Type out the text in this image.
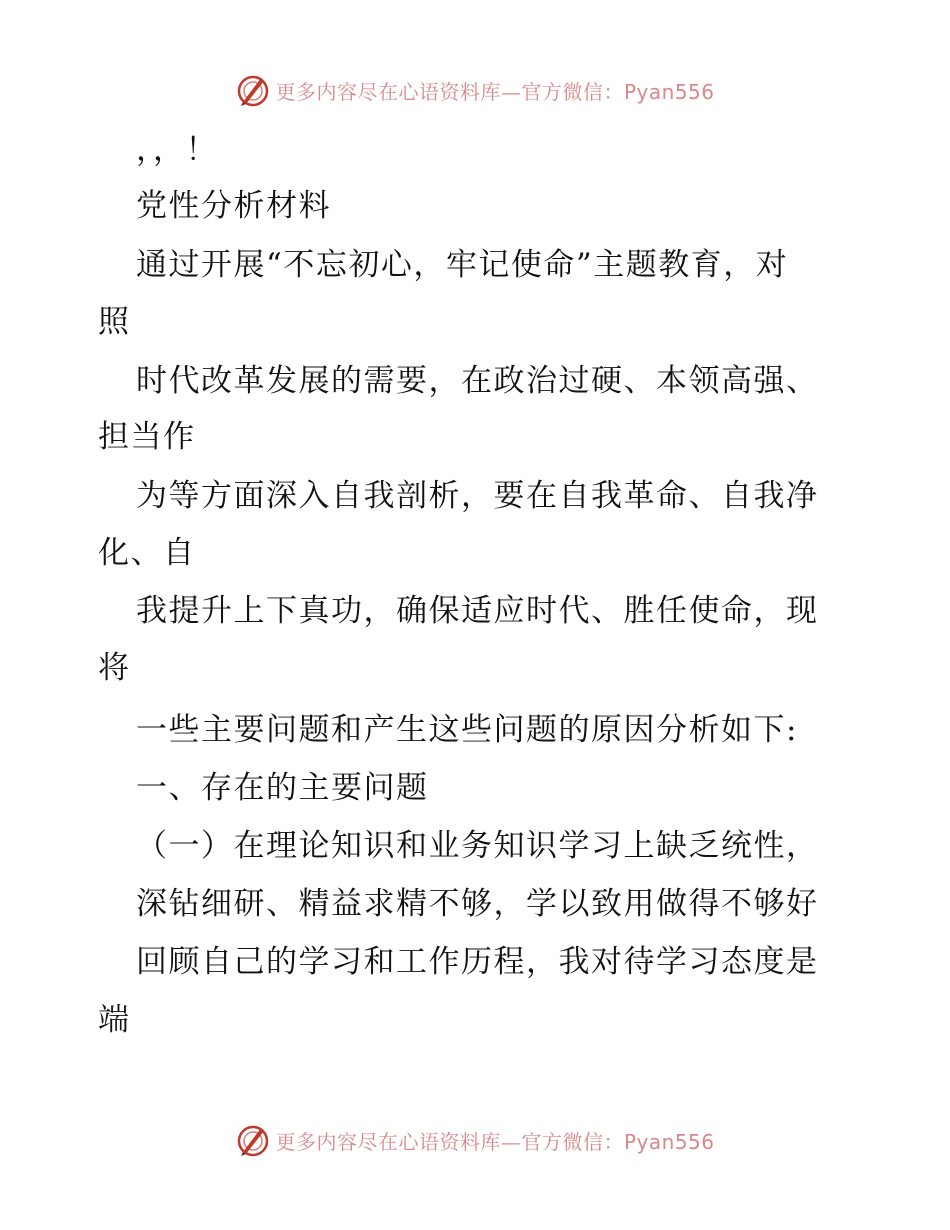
更多内容尽在心语资料库—官方微信：Pyan556
，，！
党性分析材料
通过开展“不忘初心，牢记使命”主题教育，对
照
时代改革发展的需要，在政治过硬、本领高强、
担当作
为等方面深入自我剖析，要在自我革命、自我净
化、自
我提升上下真功，确保适应时代、胜任使命，现
将
一些主要问题和产生这些问题的原因分析如下:
一、存在的主要问题
（一）在理论知识和业务知识学习上缺乏统性，
深钻细研、精益求精不够，学以致用做得不够好
回顾自己的学习和工作历程，我对待学习态度是
端
更多内容尽在心语资料库—官方微信：Pyan556
